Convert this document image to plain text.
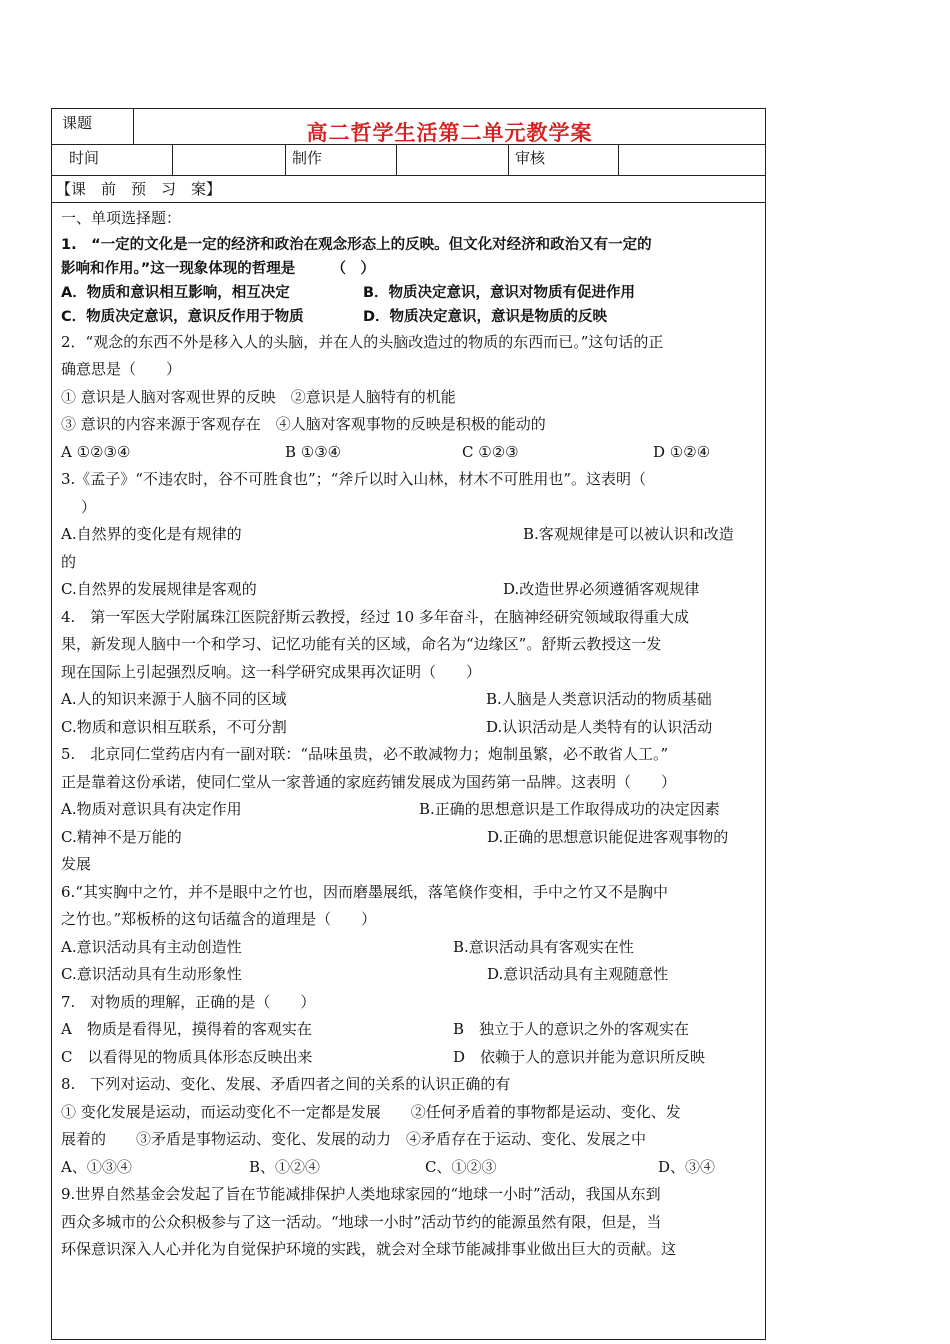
课题	高二哲学生活第二单元教学案
时间	制作	审核
【课　前　预　习　案】
一、单项选择题：
1.　“一定的文化是一定的经济和政治在观念形态上的反映。但文化对经济和政治又有一定的
影响和作用。”这一现象体现的哲理是　　　（　）
A．物质和意识相互影响，相互决定	B．物质决定意识，意识对物质有促进作用
C．物质决定意识，意识反作用于物质	D．物质决定意识，意识是物质的反映
2．“观念的东西不外是移入人的头脑，并在人的头脑改造过的物质的东西而已。”这句话的正
确意思是（　　）
① 意识是人脑对客观世界的反映　②意识是人脑特有的机能
③ 意识的内容来源于客观存在　④人脑对客观事物的反映是积极的能动的
A ①②③④	B ①③④	C ①②③	D ①②④
3.《孟子》“不违农时，谷不可胜食也”；“斧斤以时入山林，材木不可胜用也”。这表明（
）
A.自然界的变化是有规律的	B.客观规律是可以被认识和改造
的
C.自然界的发展规律是客观的	D.改造世界必须遵循客观规律
4.　第一军医大学附属珠江医院舒斯云教授，经过 10 多年奋斗，在脑神经研究领域取得重大成
果，新发现人脑中一个和学习、记忆功能有关的区域，命名为“边缘区”。舒斯云教授这一发
现在国际上引起强烈反响。这一科学研究成果再次证明（　　）
A.人的知识来源于人脑不同的区域	B.人脑是人类意识活动的物质基础
C.物质和意识相互联系，不可分割	D.认识活动是人类特有的认识活动
5.　北京同仁堂药店内有一副对联：“品味虽贵，必不敢减物力；炮制虽繁，必不敢省人工。”
正是靠着这份承诺，使同仁堂从一家普通的家庭药铺发展成为国药第一品牌。这表明（　　）
A.物质对意识具有决定作用	B.正确的思想意识是工作取得成功的决定因素
C.精神不是万能的	D.正确的思想意识能促进客观事物的
发展
6.“其实胸中之竹，并不是眼中之竹也，因而磨墨展纸，落笔倏作变相，手中之竹又不是胸中
之竹也。”郑板桥的这句话蕴含的道理是（　　）
A.意识活动具有主动创造性	B.意识活动具有客观实在性
C.意识活动具有生动形象性	D.意识活动具有主观随意性
7.　对物质的理解，正确的是（　　）
A　物质是看得见，摸得着的客观实在	B　独立于人的意识之外的客观实在
C　以看得见的物质具体形态反映出来	D　依赖于人的意识并能为意识所反映
8.　下列对运动、变化、发展、矛盾四者之间的关系的认识正确的有
① 变化发展是运动，而运动变化不一定都是发展　　②任何矛盾着的事物都是运动、变化、发
展着的　　③矛盾是事物运动、变化、发展的动力　④矛盾存在于运动、变化、发展之中
A、①③④	B、①②④	C、①②③	D、③④
9.世界自然基金会发起了旨在节能减排保护人类地球家园的“地球一小时”活动，我国从东到
西众多城市的公众积极参与了这一活动。“地球一小时”活动节约的能源虽然有限，但是，当
环保意识深入人心并化为自觉保护环境的实践，就会对全球节能减排事业做出巨大的贡献。这
